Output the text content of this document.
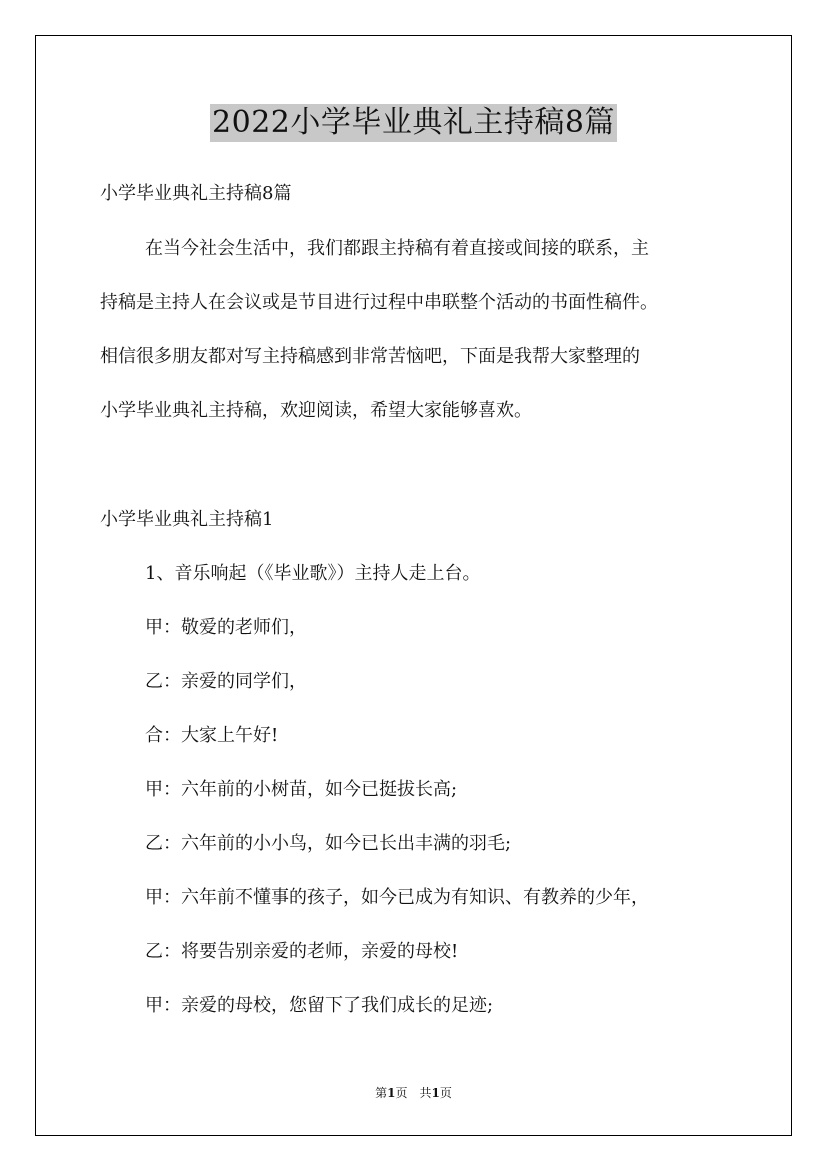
2022小学毕业典礼主持稿8篇
小学毕业典礼主持稿8篇
在当今社会生活中，我们都跟主持稿有着直接或间接的联系，主
持稿是主持人在会议或是节目进行过程中串联整个活动的书面性稿件。
相信很多朋友都对写主持稿感到非常苦恼吧，下面是我帮大家整理的
小学毕业典礼主持稿，欢迎阅读，希望大家能够喜欢。
小学毕业典礼主持稿1
1、音乐响起（《毕业歌》）主持人走上台。
甲：敬爱的老师们，
乙：亲爱的同学们，
合：大家上午好!
甲：六年前的小树苗，如今已挺拔长高;
乙：六年前的小小鸟，如今已长出丰满的羽毛;
甲：六年前不懂事的孩子，如今已成为有知识、有教养的少年，
乙：将要告别亲爱的老师，亲爱的母校!
甲：亲爱的母校，您留下了我们成长的足迹;
第1页　共1页
